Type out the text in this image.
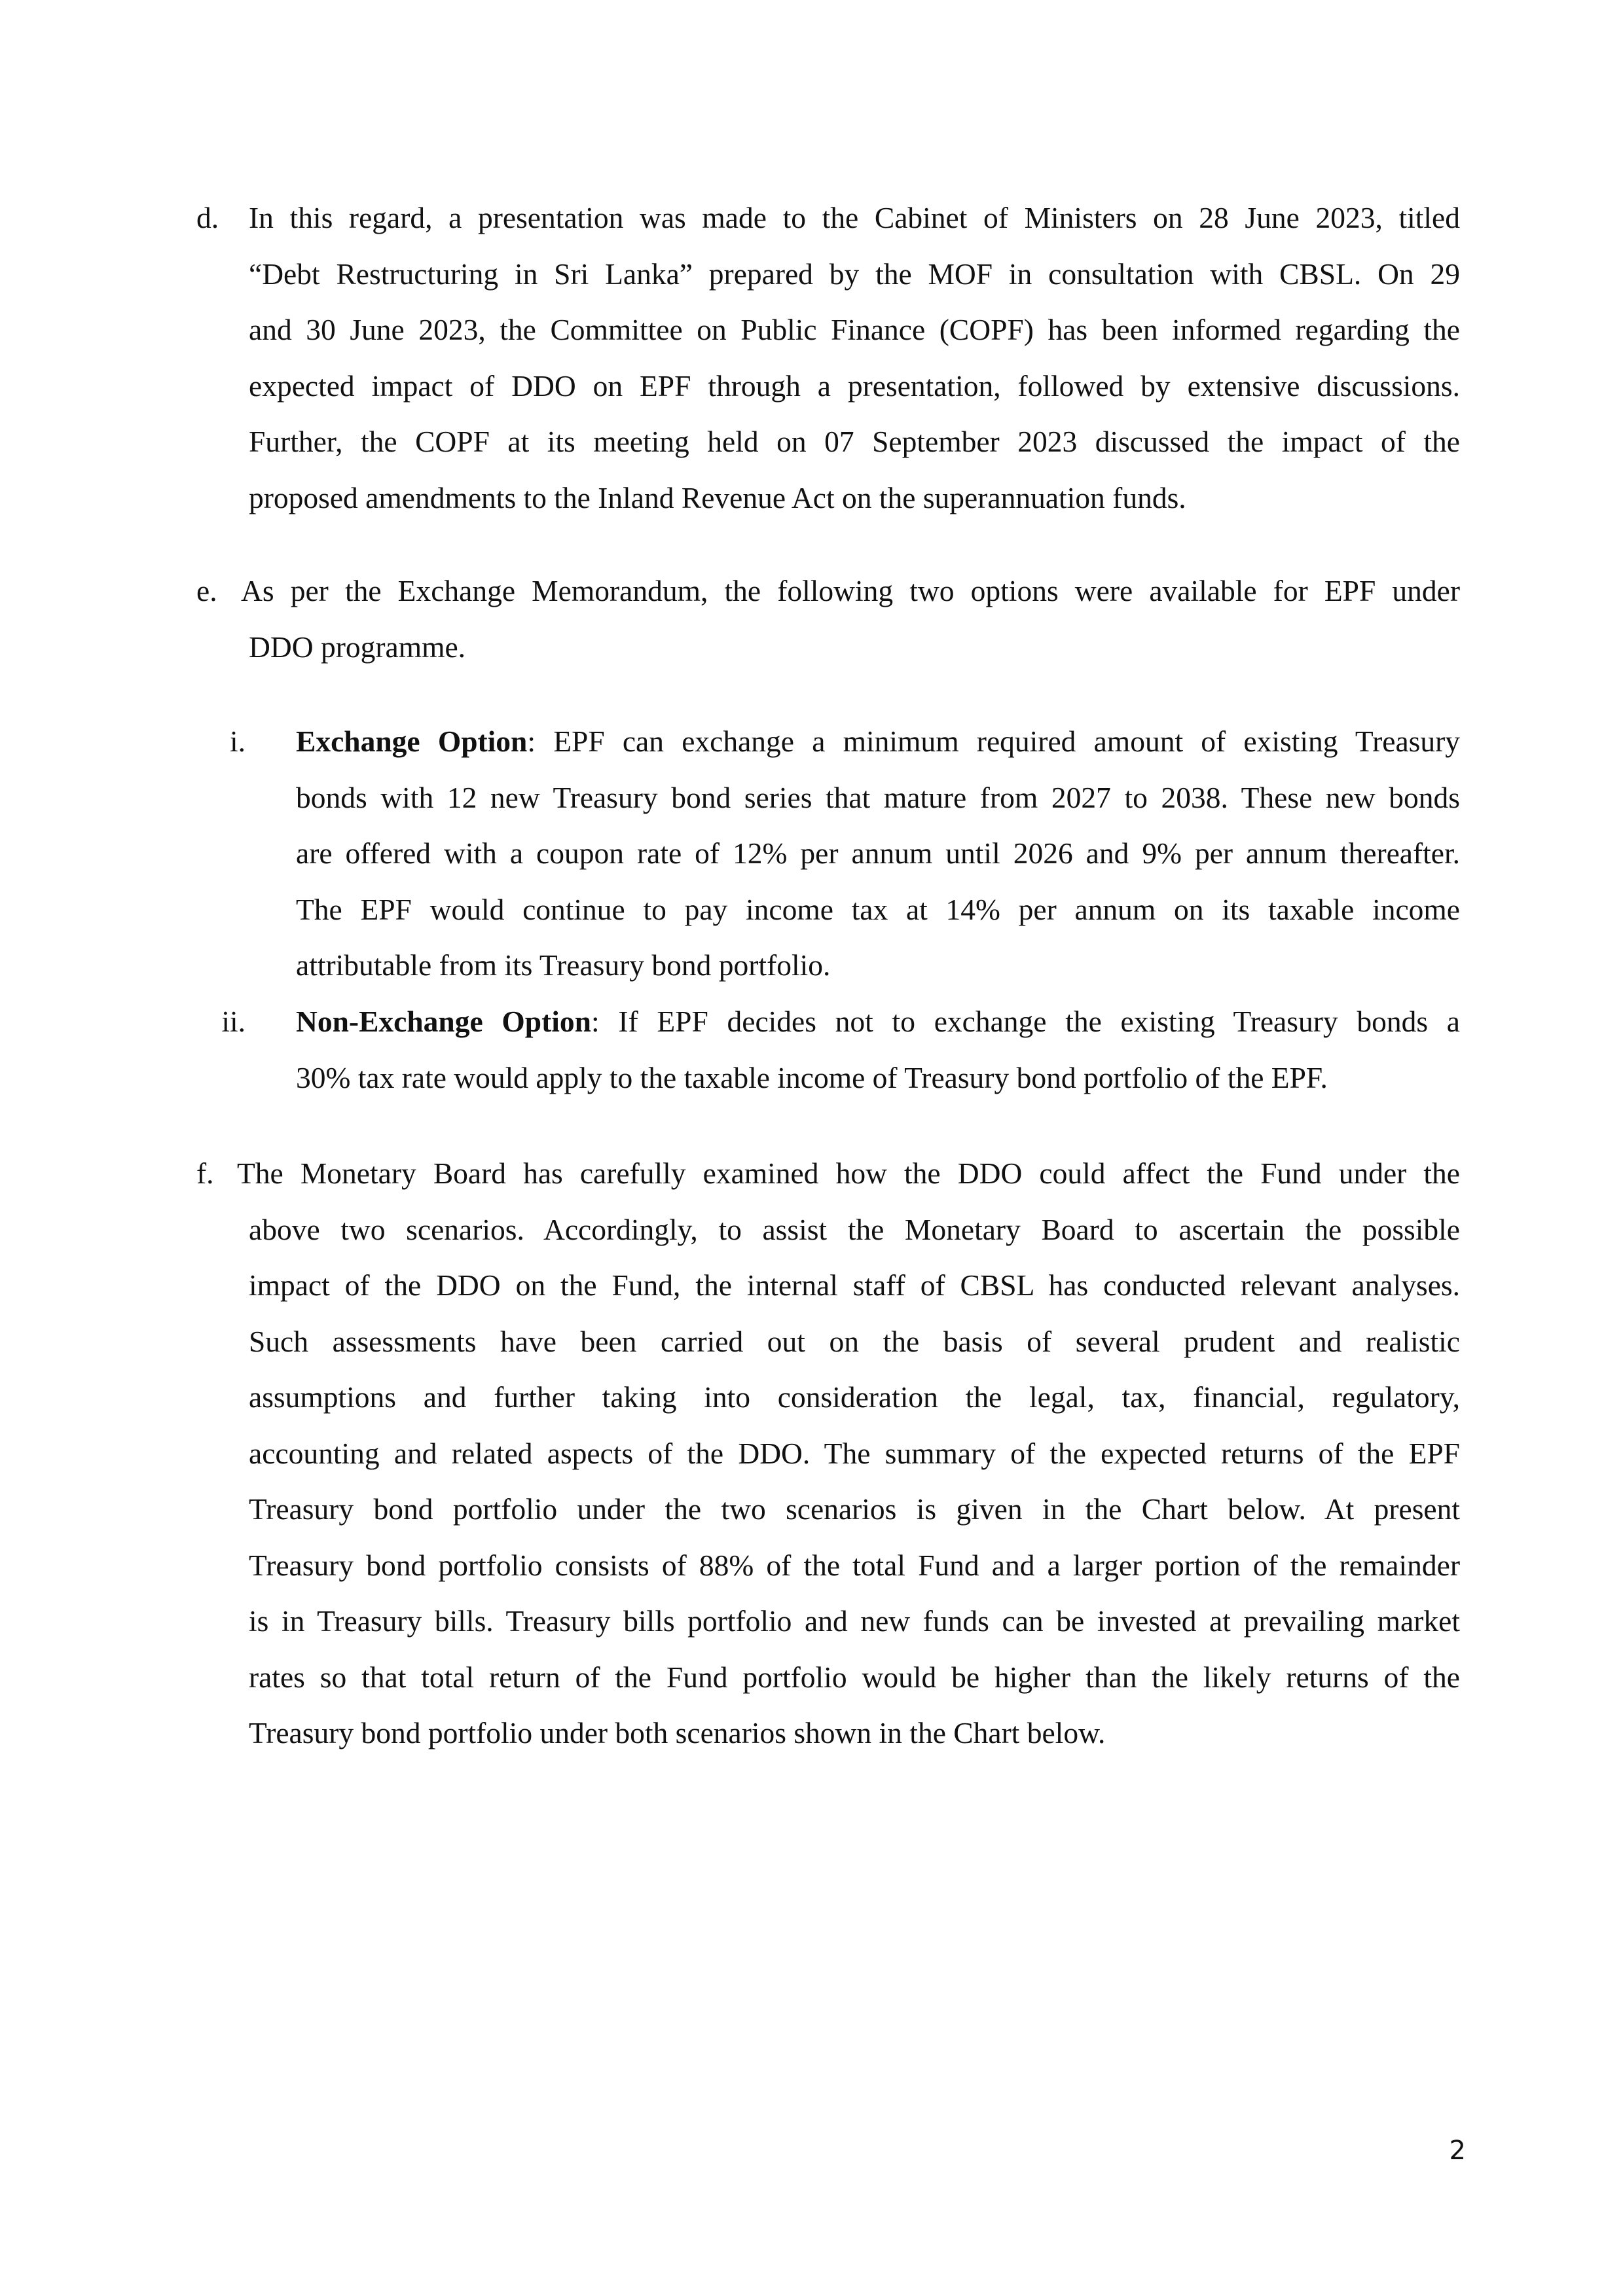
d. In this regard, a presentation was made to the Cabinet of Ministers on 28 June 2023, titled
“Debt Restructuring in Sri Lanka” prepared by the MOF in consultation with CBSL. On 29
and 30 June 2023, the Committee on Public Finance (COPF) has been informed regarding the
expected impact of DDO on EPF through a presentation, followed by extensive discussions.
Further, the COPF at its meeting held on 07 September 2023 discussed the impact of the
proposed amendments to the Inland Revenue Act on the superannuation funds.
e. As per the Exchange Memorandum, the following two options were available for EPF under
DDO programme.
i. Exchange Option: EPF can exchange a minimum required amount of existing Treasury
bonds with 12 new Treasury bond series that mature from 2027 to 2038. These new bonds
are offered with a coupon rate of 12% per annum until 2026 and 9% per annum thereafter.
The EPF would continue to pay income tax at 14% per annum on its taxable income
attributable from its Treasury bond portfolio.
ii. Non-Exchange Option: If EPF decides not to exchange the existing Treasury bonds a
30% tax rate would apply to the taxable income of Treasury bond portfolio of the EPF.
f. The Monetary Board has carefully examined how the DDO could affect the Fund under the
above two scenarios. Accordingly, to assist the Monetary Board to ascertain the possible
impact of the DDO on the Fund, the internal staff of CBSL has conducted relevant analyses.
Such assessments have been carried out on the basis of several prudent and realistic
assumptions and further taking into consideration the legal, tax, financial, regulatory,
accounting and related aspects of the DDO. The summary of the expected returns of the EPF
Treasury bond portfolio under the two scenarios is given in the Chart below. At present
Treasury bond portfolio consists of 88% of the total Fund and a larger portion of the remainder
is in Treasury bills. Treasury bills portfolio and new funds can be invested at prevailing market
rates so that total return of the Fund portfolio would be higher than the likely returns of the
Treasury bond portfolio under both scenarios shown in the Chart below.
2
